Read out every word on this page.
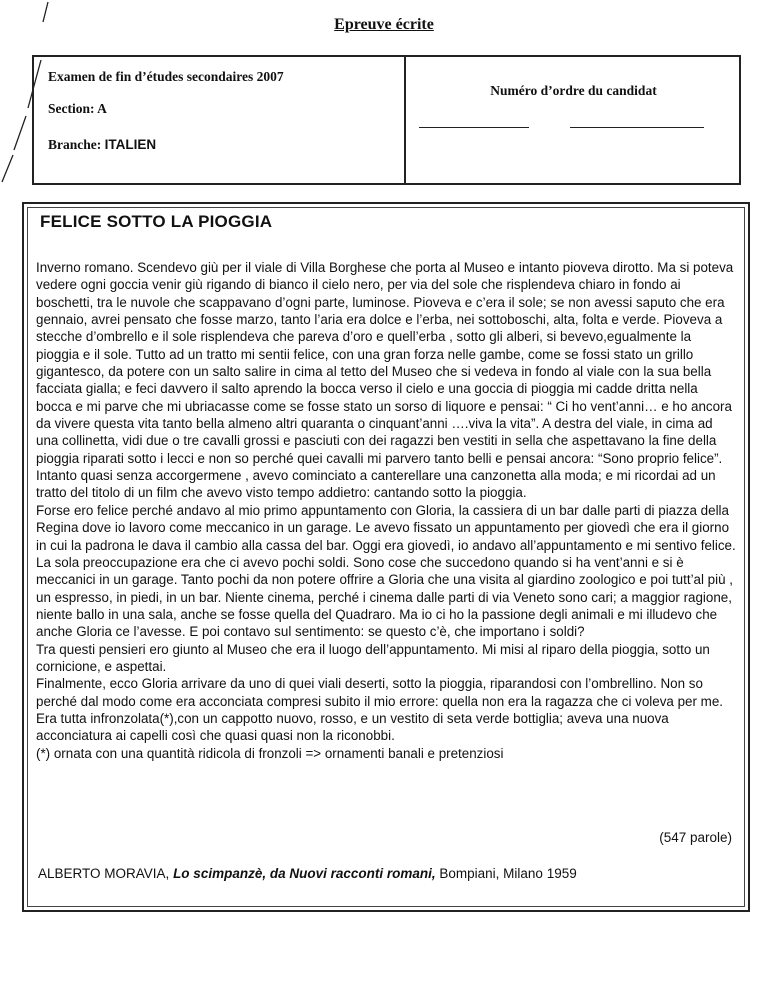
Epreuve écrite
Examen de fin d’études secondaires 2007
Section: A
Branche: ITALIEN
Numéro d’ordre du candidat
FELICE SOTTO LA PIOGGIA

Inverno romano. Scendevo giù per il viale di Villa Borghese che porta al Museo e intanto pioveva dirotto. Ma si poteva vedere ogni goccia venir giù rigando di bianco il cielo nero, per via del sole che risplendeva chiaro in fondo ai boschetti, tra le nuvole che scappavano d’ogni parte, luminose. Pioveva e c’era il sole; se non avessi saputo che era gennaio, avrei pensato che fosse marzo, tanto l’aria era dolce e l’erba, nei sottoboschi, alta, folta e verde. Pioveva a stecche d’ombrello e il sole risplendeva che pareva d’oro e quell’erba , sotto gli alberi, si bevevo,egualmente la pioggia e il sole. Tutto ad un tratto mi sentii felice, con una gran forza nelle gambe, come se fossi stato un grillo gigantesco, da potere con un salto salire in cima al tetto del Museo che si vedeva in fondo al viale con la sua bella facciata gialla; e feci davvero il salto aprendo la bocca verso il cielo e una goccia di pioggia mi cadde dritta nella bocca e mi parve che mi ubriacasse come se fosse stato un sorso di liquore e pensai: “ Ci ho vent’anni… e ho ancora da vivere questa vita tanto bella almeno altri quaranta o cinquant’anni ….viva la vita”. A destra del viale, in cima ad una collinetta, vidi due o tre cavalli grossi e pasciuti con dei ragazzi ben vestiti in sella che aspettavano la fine della pioggia riparati sotto i lecci e non so perché quei cavalli mi parvero tanto belli e pensai ancora: “Sono proprio felice”. Intanto quasi senza accorgermene , avevo cominciato a canterellare una canzonetta alla moda; e mi ricordai ad un tratto del titolo di un film che avevo visto tempo addietro: cantando sotto la pioggia.

Forse ero felice perché andavo al mio primo appuntamento con Gloria, la cassiera di un bar dalle parti di piazza della Regina dove io lavoro come meccanico in un garage. Le avevo fissato un appuntamento per giovedì che era il giorno in cui la padrona le dava il cambio alla cassa del bar. Oggi era giovedì, io andavo all’appuntamento e mi sentivo felice.

La sola preoccupazione era che ci avevo pochi soldi. Sono cose che succedono quando si ha vent’anni e si è meccanici in un garage. Tanto pochi da non potere offrire a Gloria che una visita al giardino zoologico e poi tutt’al più , un espresso, in piedi, in un bar. Niente cinema, perché i cinema dalle parti di via Veneto sono cari; a maggior ragione, niente ballo in una sala, anche se fosse quella del Quadraro. Ma io ci ho la passione degli animali e mi illudevo che anche Gloria ce l’avesse. E poi contavo sul sentimento: se questo c’è, che importano i soldi?

Tra questi pensieri ero giunto al Museo che era il luogo dell’appuntamento. Mi misi al riparo della pioggia, sotto un cornicione, e aspettai.

Finalmente, ecco Gloria arrivare da uno di quei viali deserti, sotto la pioggia, riparandosi con l’ombrellino. Non so perché dal modo come era acconciata compresi subito il mio errore: quella non era la ragazza che ci voleva per me. Era tutta infronzolata(*),con un cappotto nuovo, rosso, e un vestito di seta verde bottiglia; aveva una nuova acconciatura ai capelli così che quasi quasi non la riconobbi.

(*) ornata con una quantità ridicola di fronzoli => ornamenti banali e pretenziosi

(547 parole)
ALBERTO MORAVIA, Lo scimpanzè, da Nuovi racconti romani, Bompiani, Milano 1959
